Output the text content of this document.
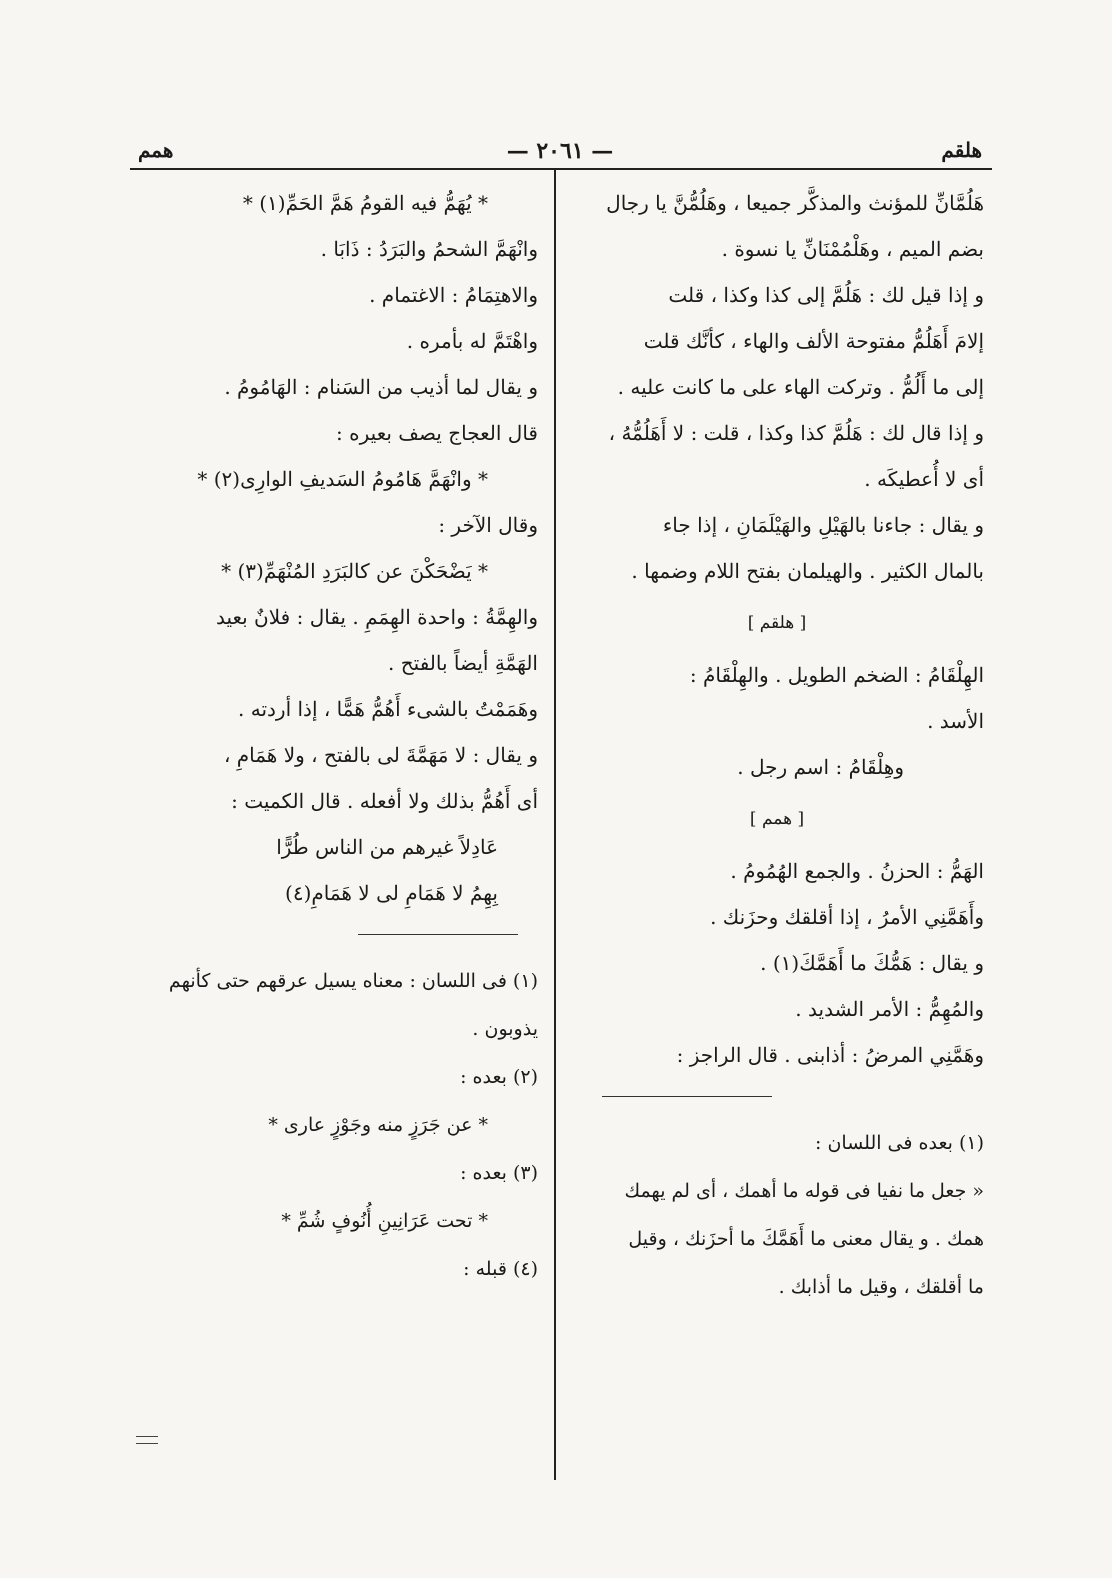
هلقم
— ٢٠٦١ —
همم
هَلُمَّانِّ للمؤنث والمذكَّر جميعا ، وهَلُمُّنَّ يا رجال
بضم الميم ، وهَلْمُمْنَانِّ يا نسوة .
و إذا قيل لك : هَلُمَّ إلى كذا وكذا ، قلت
إلامَ أَهَلُمُّ مفتوحة الألف والهاء ، كأنَّك قلت
إلى ما أَلُمُّ . وتركت الهاء على ما كانت عليه .
و إذا قال لك : هَلُمَّ كذا وكذا ، قلت : لا أَهَلُمُّهُ ،
أى لا أُعطيكَه .
و يقال : جاءنا بالهَيْلِ والهَيْلَمَانِ ، إذا جاء
بالمال الكثير . والهيلمان بفتح اللام وضمها .
[ هلقم ]
الهِلْقَامُ : الضخم الطويل . والهِلْقَامُ :
الأسد .
وهِلْقَامُ : اسم رجل .
[ همم ]
الهَمُّ : الحزنُ . والجمع الهُمُومُ .
وأَهَمَّنِي الأمرُ ، إذا أقلقك وحزَنك .
و يقال : هَمُّكَ ما أَهَمَّكَ(١) .
والمُهِمُّ : الأمر الشديد .
وهَمَّنِي المرضُ : أذابنى . قال الراجز :
(١) بعده فى اللسان :
« جعل ما نفيا فى قوله ما أهمك ، أى لم يهمك
همك . و يقال معنى ما أَهَمَّكَ ما أحزَنك ، وقيل
ما أقلقك ، وقيل ما أذابك .
* يُهَمُّ فيه القومُ هَمَّ الحَمِّ(١) *
وانْهَمَّ الشحمُ والبَرَدُ : ذَابَا .
والاهتِمَامُ : الاغتمام .
واهْتَمَّ له بأمره .
و يقال لما أذيب من السَنام : الهَامُومُ .
قال العجاج يصف بعيره :
* وانْهَمَّ هَامُومُ السَديفِ الوارِى(٢) *
وقال الآخر :
* يَضْحَكْنَ عن كالبَرَدِ المُنْهَمِّ(٣) *
والهِمَّةُ : واحدة الهِمَمِ . يقال : فلانٌ بعيد
الهَمَّةِ أيضاً بالفتح .
وهَمَمْتُ بالشىء أَهُمُّ هَمًّا ، إذا أردته .
و يقال : لا مَهَمَّةَ لى بالفتح ، ولا هَمَامِ ،
أى أَهُمُّ بذلك ولا أفعله . قال الكميت :
عَادِلاً غيرهم من الناس طُرًّا
بِهِمُ لا هَمَامِ لى لا هَمَامِ(٤)
(١) فى اللسان : معناه يسيل عرقهم حتى كأنهم
يذوبون .
(٢) بعده :
* عن جَرَزٍ منه وجَوْزٍ عارى *
(٣) بعده :
* تحت عَرَانِينِ أُنُوفٍ شُمِّ *
(٤) قبله :
